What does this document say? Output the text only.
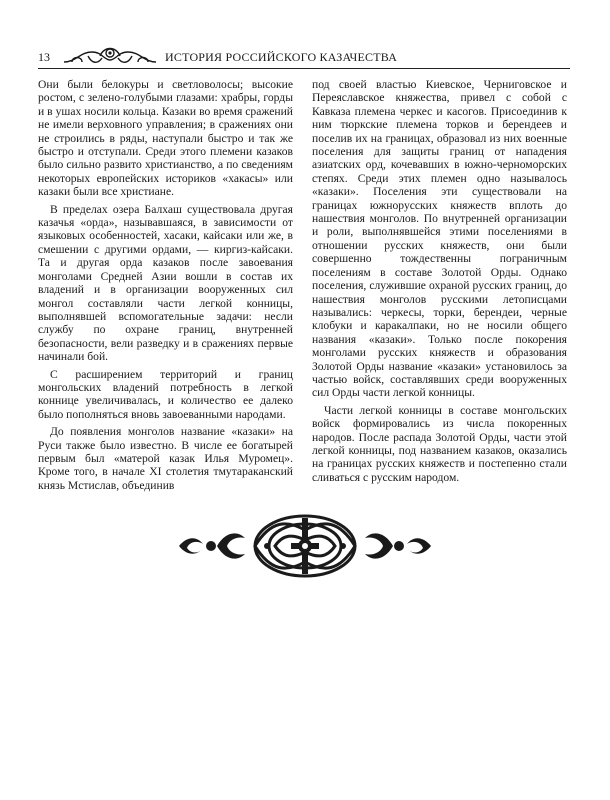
13	ИСТОРИЯ РОССИЙСКОГО КАЗАЧЕСТВА

Они были белокуры и светловолосы; высокие ростом, с зелено-голубыми глазами: храбры, горды и в ушах носили кольца. Казаки во время сражений не имели верховного управления; в сражениях они не строились в ряды, наступали быстро и так же быстро и отступали. Среди этого племени казаков было сильно развито христианство, а по сведениям некоторых европейских историков «хакасы» или казаки были все христиане.

В пределах озера Балхаш существовала другая казачья «орда», называвшаяся, в зависимости от языковых особенностей, хасаки, кайсаки или же, в смешении с другими ордами, — киргиз-кайсаки. Та и другая орда казаков после завоевания монголами Средней Азии вошли в состав их владений и в организации вооруженных сил монгол составляли части легкой конницы, выполнявшей вспомогательные задачи: несли службу по охране границ, внутренней безопасности, вели разведку и в сражениях первые начинали бой.

С расширением территорий и границ монгольских владений потребность в легкой коннице увеличивалась, и количество ее далеко было пополняться вновь завоеванными народами.

До появления монголов название «казаки» на Руси также было известно. В числе ее богатырей первым был «матерой казак Илья Муромец». Кроме того, в начале XI столетия тмутараканский князь Мстислав, объединив

под своей властью Киевское, Черниговское и Переяславское княжества, привел с собой с Кавказа племена черкес и касогов. Присоединив к ним тюркские племена торков и берендеев и поселив их на границах, образовал из них военные поселения для защиты границ от нападения азиатских орд, кочевавших в южно-черноморских степях. Среди этих племен одно называлось «казаки». Поселения эти существовали на границах южнорусских княжеств вплоть до нашествия монголов. По внутренней организации и роли, выполнявшейся этими поселениями в отношении русских княжеств, они были совершенно тождественны пограничным поселениям в составе Золотой Орды. Однако поселения, служившие охраной русских границ, до нашествия монголов русскими летописцами назывались: черкесы, торки, берендеи, черные клобуки и каракалпаки, но не носили общего названия «казаки». Только после покорения монголами русских княжеств и образования Золотой Орды название «казаки» установилось за частью войск, составлявших среди вооруженных сил Орды части легкой конницы.

Части легкой конницы в составе монгольских войск формировались из числа покоренных народов. После распада Золотой Орды, части этой легкой конницы, под названием казаков, оказались на границах русских княжеств и постепенно стали сливаться с русским народом.
